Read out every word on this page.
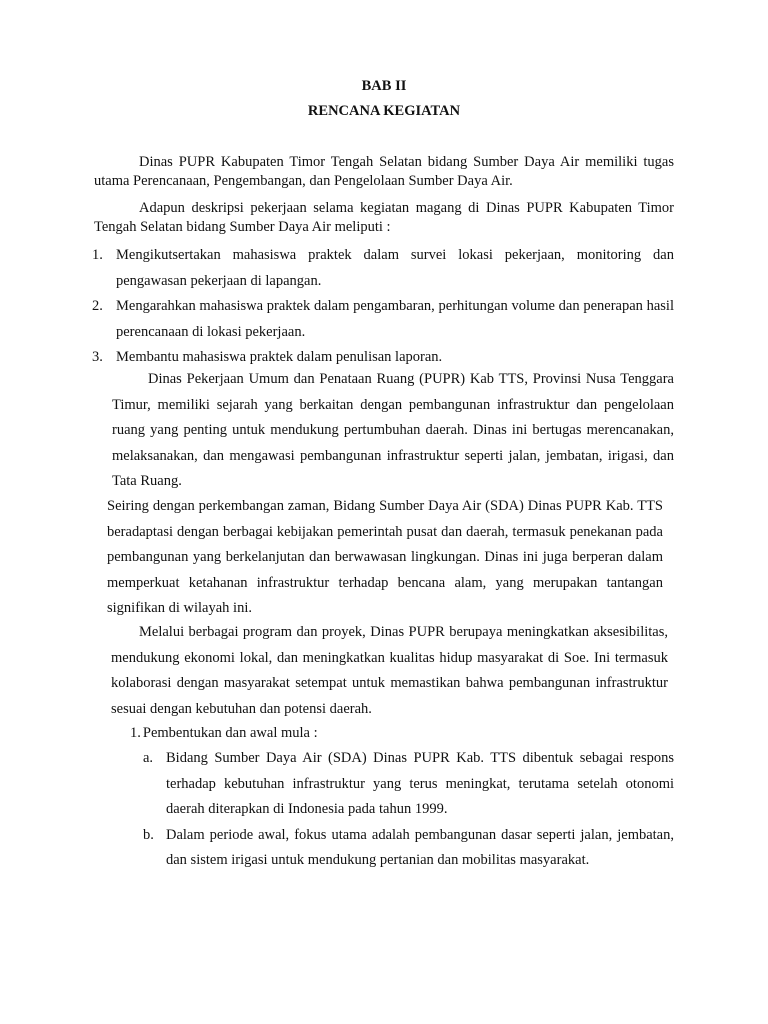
BAB II
RENCANA KEGIATAN
Dinas PUPR Kabupaten Timor Tengah Selatan bidang Sumber Daya Air memiliki tugas utama Perencanaan, Pengembangan, dan Pengelolaan Sumber Daya Air.
Adapun deskripsi pekerjaan selama kegiatan magang di Dinas PUPR Kabupaten Timor Tengah Selatan bidang Sumber Daya Air meliputi :
1. Mengikutsertakan mahasiswa praktek dalam survei lokasi pekerjaan, monitoring dan pengawasan pekerjaan di lapangan.
2. Mengarahkan mahasiswa praktek dalam pengambaran, perhitungan volume dan penerapan hasil perencanaan di lokasi pekerjaan.
3. Membantu mahasiswa praktek dalam penulisan laporan.
Dinas Pekerjaan Umum dan Penataan Ruang (PUPR) Kab TTS, Provinsi Nusa Tenggara Timur, memiliki sejarah yang berkaitan dengan pembangunan infrastruktur dan pengelolaan ruang yang penting untuk mendukung pertumbuhan daerah. Dinas ini bertugas merencanakan, melaksanakan, dan mengawasi pembangunan infrastruktur seperti jalan, jembatan, irigasi, dan Tata Ruang.
Seiring dengan perkembangan zaman, Bidang Sumber Daya Air (SDA) Dinas PUPR Kab. TTS beradaptasi dengan berbagai kebijakan pemerintah pusat dan daerah, termasuk penekanan pada pembangunan yang berkelanjutan dan berwawasan lingkungan. Dinas ini juga berperan dalam memperkuat ketahanan infrastruktur terhadap bencana alam, yang merupakan tantangan signifikan di wilayah ini.
Melalui berbagai program dan proyek, Dinas PUPR berupaya meningkatkan aksesibilitas, mendukung ekonomi lokal, dan meningkatkan kualitas hidup masyarakat di Soe. Ini termasuk kolaborasi dengan masyarakat setempat untuk memastikan bahwa pembangunan infrastruktur sesuai dengan kebutuhan dan potensi daerah.
1. Pembentukan dan awal mula :
a. Bidang Sumber Daya Air (SDA) Dinas PUPR Kab. TTS dibentuk sebagai respons terhadap kebutuhan infrastruktur yang terus meningkat, terutama setelah otonomi daerah diterapkan di Indonesia pada tahun 1999.
b. Dalam periode awal, fokus utama adalah pembangunan dasar seperti jalan, jembatan, dan sistem irigasi untuk mendukung pertanian dan mobilitas masyarakat.
